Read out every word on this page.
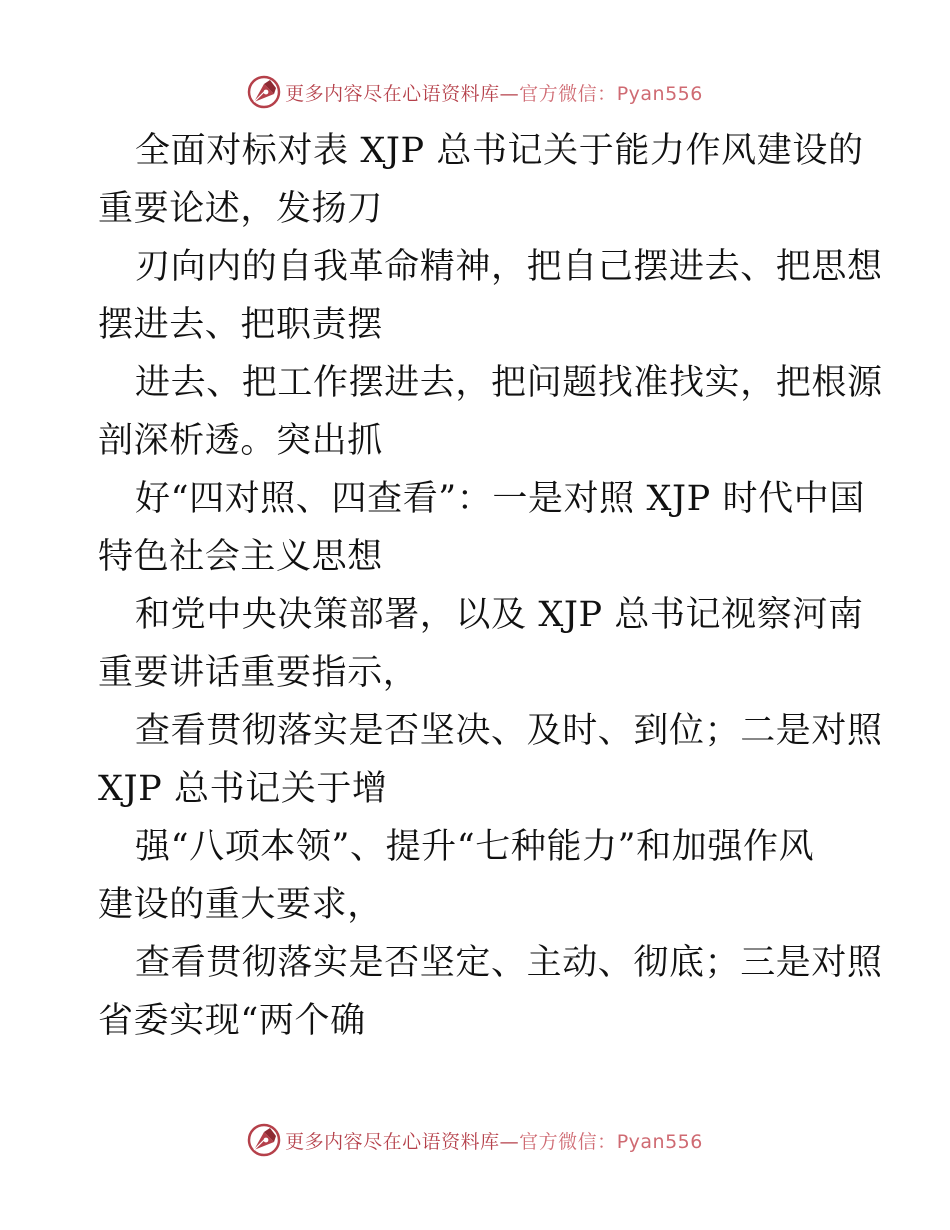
更多内容尽在心语资料库—官方微信：Pyan556

全面对标对表 XJP 总书记关于能力作风建设的

重要论述，发扬刀

刃向内的自我革命精神，把自己摆进去、把思想

摆进去、把职责摆

进去、把工作摆进去，把问题找准找实，把根源

剖深析透。突出抓

好“四对照、四查看”：一是对照 XJP 时代中国

特色社会主义思想

和党中央决策部署，以及 XJP 总书记视察河南

重要讲话重要指示，

查看贯彻落实是否坚决、及时、到位；二是对照

XJP 总书记关于增

强“八项本领”、提升“七种能力”和加强作风

建设的重大要求，

查看贯彻落实是否坚定、主动、彻底；三是对照

省委实现“两个确

更多内容尽在心语资料库—官方微信：Pyan556
